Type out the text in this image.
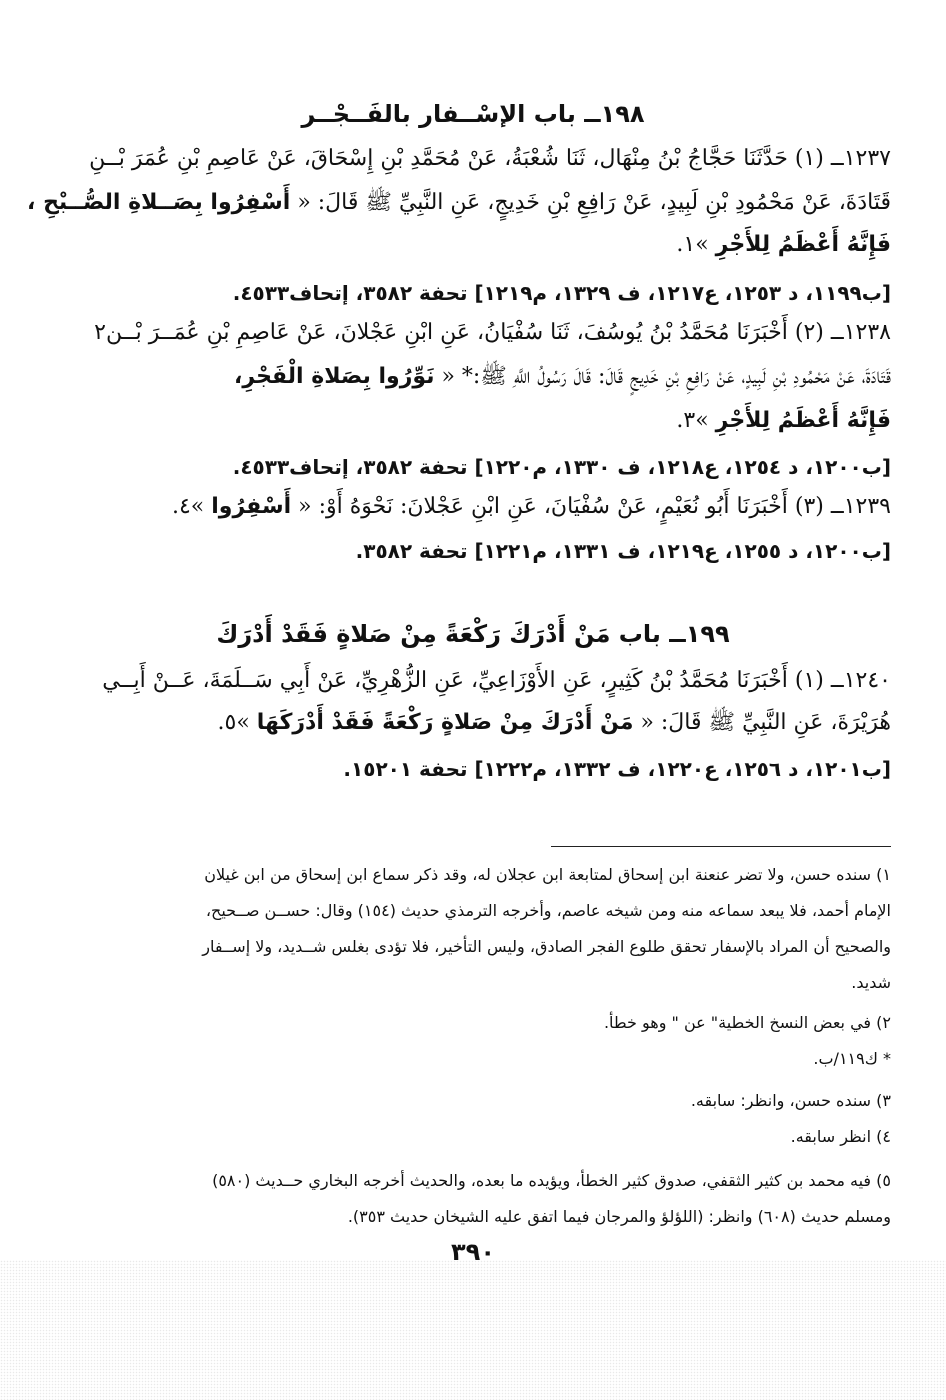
١٩٨ــ باب الإسْــفار بالفَــجْــر
١٢٣٧ــ (١) حَدَّثَنَا حَجَّاجُ بْنُ مِنْهَال، ثَنَا شُعْبَةُ، عَنْ مُحَمَّدِ بْنِ إِسْحَاقَ، عَنْ عَاصِمِ بْنِ عُمَرَ بْــنِ
قَتَادَةَ، عَنْ مَحْمُودِ بْنِ لَبِيدٍ، عَنْ رَافِعِ بْنِ خَدِيجٍ، عَنِ النَّبِيِّ ﷺ قَالَ: « أَسْفِرُوا بِصَــلاةِ الصُّــبْحِ ،
فَإِنَّهُ أَعْظَمُ لِلأَجْرِ »١.
[ب١١٩٩، د ١٢٥٣، ع١٢١٧، ف ١٣٢٩، م١٢١٩] تحفة ٣٥٨٢، إتحاف٤٥٣٣.
١٢٣٨ــ (٢) أَخْبَرَنَا مُحَمَّدُ بْنُ يُوسُفَ، ثَنَا سُفْيَانُ، عَنِ ابْنِ عَجْلانَ، عَنْ عَاصِمِ بْنِ عُمَــرَ بْــن٢
قَتَادَةَ، عَنْ مَحْمُودِ بْنِ لَبِيدٍ، عَنْ رَافِعِ بْنِ خَدِيجٍ قَالَ: قَالَ رَسُولُ اللَّهِ ﷺ:* « نَوِّرُوا بِصَلاةِ الْفَجْرِ،
فَإِنَّهُ أَعْظَمُ لِلأَجْرِ »٣.
[ب١٢٠٠، د ١٢٥٤، ع١٢١٨، ف ١٣٣٠، م١٢٢٠] تحفة ٣٥٨٢، إتحاف٤٥٣٣.
١٢٣٩ــ (٣) أَخْبَرَنَا أَبُو نُعَيْمٍ، عَنْ سُفْيَانَ، عَنِ ابْنِ عَجْلانَ: نَحْوَهُ أَوْ: « أَسْفِرُوا »٤.
[ب١٢٠٠، د ١٢٥٥، ع١٢١٩، ف ١٣٣١، م١٢٢١] تحفة ٣٥٨٢.
١٩٩ــ باب مَنْ أَدْرَكَ رَكْعَةً مِنْ صَلاةٍ فَقَدْ أَدْرَكَ
١٢٤٠ــ (١) أَخْبَرَنَا مُحَمَّدُ بْنُ كَثِيرٍ، عَنِ الأَوْزَاعِيِّ، عَنِ الزُّهْرِيِّ، عَنْ أَبِي سَــلَمَةَ، عَــنْ أَبِــي
هُرَيْرَةَ، عَنِ النَّبِيِّ ﷺ قَالَ: « مَنْ أَدْرَكَ مِنْ صَلاةٍ رَكْعَةً فَقَدْ أَدْرَكَهَا »٥.
[ب١٢٠١، د ١٢٥٦، ع١٢٢٠، ف ١٣٣٢، م١٢٢٢] تحفة ١٥٢٠١.
١) سنده حسن، ولا تضر عنعنة ابن إسحاق لمتابعة ابن عجلان له، وقد ذكر سماع ابن إسحاق من ابن غيلان
الإمام أحمد، فلا يبعد سماعه منه ومن شيخه عاصم، وأخرجه الترمذي حديث (١٥٤) وقال: حســن صــحيح،
والصحيح أن المراد بالإسفار تحقق طلوع الفجر الصادق، وليس التأخير، فلا تؤدى بغلس شــديد، ولا إســفار
شديد.
٢) في بعض النسخ الخطية" عن " وهو خطأ.
* ك١١٩/ب.
٣) سنده حسن، وانظر: سابقه.
٤) انظر سابقه.
٥) فيه محمد بن كثير الثقفي، صدوق كثير الخطأ، ويؤيده ما بعده، والحديث أخرجه البخاري حــديث (٥٨٠)
ومسلم حديث (٦٠٨) وانظر: (اللؤلؤ والمرجان فيما اتفق عليه الشيخان حديث ٣٥٣).
٣٩٠
